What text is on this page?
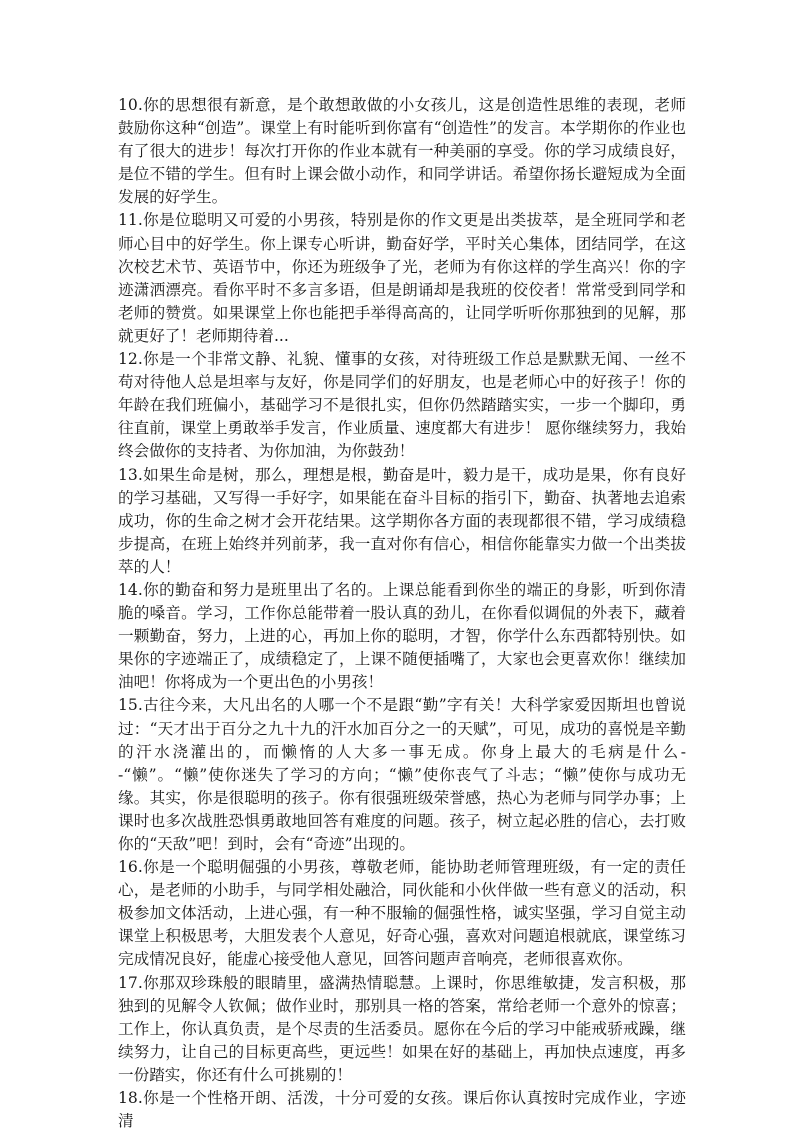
10.你的思想很有新意，是个敢想敢做的小女孩儿，这是创造性思维的表现，老师鼓励你这种“创造”。课堂上有时能听到你富有“创造性”的发言。本学期你的作业也有了很大的进步！每次打开你的作业本就有一种美丽的享受。你的学习成绩良好，是位不错的学生。但有时上课会做小动作，和同学讲话。希望你扬长避短成为全面发展的好学生。

11.你是位聪明又可爱的小男孩，特别是你的作文更是出类拔萃，是全班同学和老师心目中的好学生。你上课专心听讲，勤奋好学，平时关心集体，团结同学，在这次校艺术节、英语节中，你还为班级争了光，老师为有你这样的学生高兴！你的字迹潇洒漂亮。看你平时不多言多语，但是朗诵却是我班的佼佼者！常常受到同学和老师的赞赏。如果课堂上你也能把手举得高高的，让同学听听你那独到的见解，那就更好了！老师期待着...

12.你是一个非常文静、礼貌、懂事的女孩，对待班级工作总是默默无闻、一丝不苟对待他人总是坦率与友好，你是同学们的好朋友，也是老师心中的好孩子！你的年龄在我们班偏小，基础学习不是很扎实，但你仍然踏踏实实，一步一个脚印，勇往直前，课堂上勇敢举手发言，作业质量、速度都大有进步！ 愿你继续努力，我始终会做你的支持者、为你加油，为你鼓劲！

13.如果生命是树，那么，理想是根，勤奋是叶，毅力是干，成功是果，你有良好的学习基础，又写得一手好字，如果能在奋斗目标的指引下，勤奋、执著地去追索成功，你的生命之树才会开花结果。这学期你各方面的表现都很不错，学习成绩稳步提高，在班上始终并列前茅，我一直对你有信心，相信你能靠实力做一个出类拔萃的人！

14.你的勤奋和努力是班里出了名的。上课总能看到你坐的端正的身影，听到你清脆的嗓音。学习，工作你总能带着一股认真的劲儿，在你看似调侃的外表下，藏着一颗勤奋，努力，上进的心，再加上你的聪明，才智，你学什么东西都特别快。如果你的字迹端正了，成绩稳定了，上课不随便插嘴了，大家也会更喜欢你！继续加油吧！你将成为一个更出色的小男孩！

15.古往今来，大凡出名的人哪一个不是跟“勤”字有关！大科学家爱因斯坦也曾说过：“天才出于百分之九十九的汗水加百分之一的天赋”，可见，成功的喜悦是辛勤的汗水浇灌出的，而懒惰的人大多一事无成。你身上最大的毛病是什么--“懒”。“懒”使你迷失了学习的方向；“懒”使你丧气了斗志；“懒”使你与成功无缘。其实，你是很聪明的孩子。你有很强班级荣誉感，热心为老师与同学办事；上课时也多次战胜恐惧勇敢地回答有难度的问题。孩子，树立起必胜的信心，去打败你的“天敌”吧！到时，会有“奇迹”出现的。

16.你是一个聪明倔强的小男孩，尊敬老师，能协助老师管理班级，有一定的责任心，是老师的小助手，与同学相处融洽，同伙能和小伙伴做一些有意义的活动，积极参加文体活动，上进心强，有一种不服输的倔强性格，诚实坚强，学习自觉主动课堂上积极思考，大胆发表个人意见，好奇心强，喜欢对问题追根就底，课堂练习完成情况良好，能虚心接受他人意见，回答问题声音响亮，老师很喜欢你。

17.你那双珍珠般的眼睛里，盛满热情聪慧。上课时，你思维敏捷，发言积极，那独到的见解令人钦佩；做作业时，那别具一格的答案，常给老师一个意外的惊喜；工作上，你认真负责，是个尽责的生活委员。愿你在今后的学习中能戒骄戒躁，继续努力，让自己的目标更高些，更远些！如果在好的基础上，再加快点速度，再多一份踏实，你还有什么可挑剔的！

18.你是一个性格开朗、活泼，十分可爱的女孩。课后你认真按时完成作业，字迹清
